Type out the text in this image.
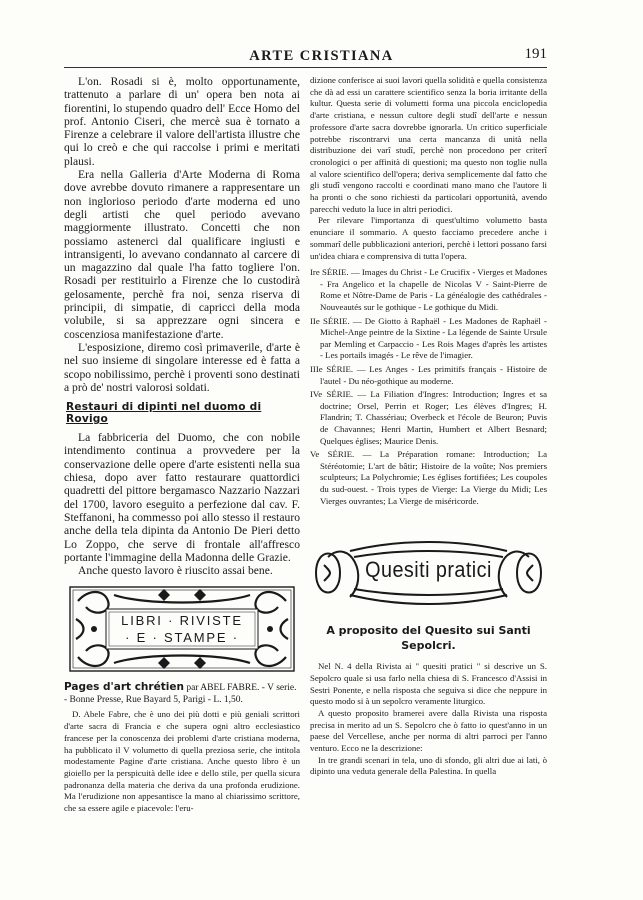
ARTE CRISTIANA	191

L'on. Rosadi si è, molto opportunamente, trattenuto a parlare di un' opera ben nota ai fiorentini, lo stupendo quadro dell' Ecce Homo del prof. Antonio Ciseri, che mercè sua è tornato a Firenze a celebrare il valore dell'artista illustre che qui lo creò e che qui raccolse i primi e meritati plausi.

Era nella Galleria d'Arte Moderna di Roma dove avrebbe dovuto rimanere a rappresentare un non inglorioso periodo d'arte moderna ed uno degli artisti che quel periodo avevano maggiormente illustrato. Concetti che non possiamo astenerci dal qualificare ingiusti e intransigenti, lo avevano condannato al carcere di un magazzino dal quale l'ha fatto togliere l'on. Rosadi per restituirlo a Firenze che lo custodirà gelosamente, perchè fra noi, senza riserva di principii, di simpatie, di capricci della moda volubile, si sa apprezzare ogni sincera e coscenziosa manifestazione d'arte.

L'esposizione, diremo così primaverile, d'arte è nel suo insieme di singolare interesse ed è fatta a scopo nobilissimo, perchè i proventi sono destinati a prò de' nostri valorosi soldati.

Restauri di dipinti nel duomo di Rovigo

La fabbriceria del Duomo, che con nobile intendimento continua a provvedere per la conservazione delle opere d'arte esistenti nella sua chiesa, dopo aver fatto restaurare quattordici quadretti del pittore bergamasco Nazzario Nazzari del 1700, lavoro eseguito a perfezione dal cav. F. Steffanoni, ha commesso poi allo stesso il restauro anche della tela dipinta da Antonio De Pieri detto Lo Zoppo, che serve di frontale all'affresco portante l'immagine della Madonna delle Grazie.

Anche questo lavoro è riuscito assai bene.

LIBRI · RIVISTE
· E · STAMPE ·
Pages d'art chrétien par ABEL FABRE. - V serie. - Bonne Presse, Rue Bayard 5, Parigi - L. 1,50.

D. Abele Fabre, che è uno dei più dotti e più geniali scrittori d'arte sacra di Francia e che supera ogni altro ecclesiastico francese per la conoscenza dei problemi d'arte cristiana moderna, ha pubblicato il V volumetto di quella preziosa serie, che intitola modestamente Pagine d'arte cristiana. Anche questo libro è un gioiello per la perspicuità delle idee e dello stile, per quella sicura padronanza della materia che deriva da una profonda erudizione. Ma l'erudizione non appesantisce la mano al chiarissimo scrittore, che sa essere agile e piacevole: l'eru-

dizione conferisce ai suoi lavori quella solidità e quella consistenza che dà ad essi un carattere scientifico senza la boria irritante della kultur. Questa serie di volumetti forma una piccola enciclopedia d'arte cristiana, e nessun cultore degli studî dell'arte e nessun professore d'arte sacra dovrebbe ignorarla. Un critico superficiale potrebbe riscontrarvi una certa mancanza di unità nella distribuzione dei varî studî, perchè non procedono per criterî cronologici o per affinità di questioni; ma questo non toglie nulla al valore scientifico dell'opera; deriva semplicemente dal fatto che gli studî vengono raccolti e coordinati mano mano che l'autore li ha pronti o che sono richiesti da particolari opportunità, avendo parecchi veduto la luce in altri periodici.

Per rilevare l'importanza di quest'ultimo volumetto basta enunciare il sommario. A questo facciamo precedere anche i sommarî delle pubblicazioni anteriori, perchè i lettori possano farsi un'idea chiara e comprensiva di tutta l'opera.

Ire SÉRIE. — Images du Christ - Le Crucifix - Vierges et Madones - Fra Angelico et la chapelle de Nicolas V - Saint-Pierre de Rome et Nôtre-Dame de Paris - La généalogie des cathédrales - Nouveautés sur le gothique - Le gothique du Midi.

IIe SÉRIE. — De Giotto à Raphaël - Les Madones de Raphaël - Michel-Ange peintre de la Sixtine - La légende de Sainte Ursule par Memling et Carpaccio - Les Rois Mages d'après les artistes - Les portails imagés - Le rêve de l'imagier.

IIIe SÉRIE. — Les Anges - Les primitifs français - Histoire de l'autel - Du néo-gothique au moderne.

IVe SÉRIE. — La Filiation d'Ingres: Introduction; Ingres et sa doctrine; Orsel, Perrin et Roger; Les élèves d'Ingres; H. Flandrin; T. Chassériau; Overbeck et l'école de Beuron; Puvis de Chavannes; Henri Martin, Humbert et Albert Besnard; Quelques églises; Maurice Denis.

Ve SÉRIE. — La Préparation romane: Introduction; La Stéréotomie; L'art de bâtir; Histoire de la voûte; Nos premiers sculpteurs; La Polychromie; Les églises fortifiées; Les coupoles du sud-ouest. - Trois types de Vierge: La Vierge du Midi; Les Vierges ouvrantes; La Vierge de miséricorde.

Quesiti pratici
A proposito del Quesito sui Santi Sepolcri.

Nel N. 4 della Rivista ai " quesiti pratici " si descrive un S. Sepolcro quale si usa farlo nella chiesa di S. Francesco d'Assisi in Sestri Ponente, e nella risposta che seguiva si dice che neppure in questo modo si à un sepolcro veramente liturgico.

A questo proposito bramerei avere dalla Rivista una risposta precisa in merito ad un S. Sepolcro che ò fatto io quest'anno in un paese del Vercellese, anche per norma di altri parroci per l'anno venturo. Ecco ne la descrizione:

In tre grandi scenari in tela, uno di sfondo, gli altri due ai lati, ò dipinto una veduta generale della Palestina. In quella
